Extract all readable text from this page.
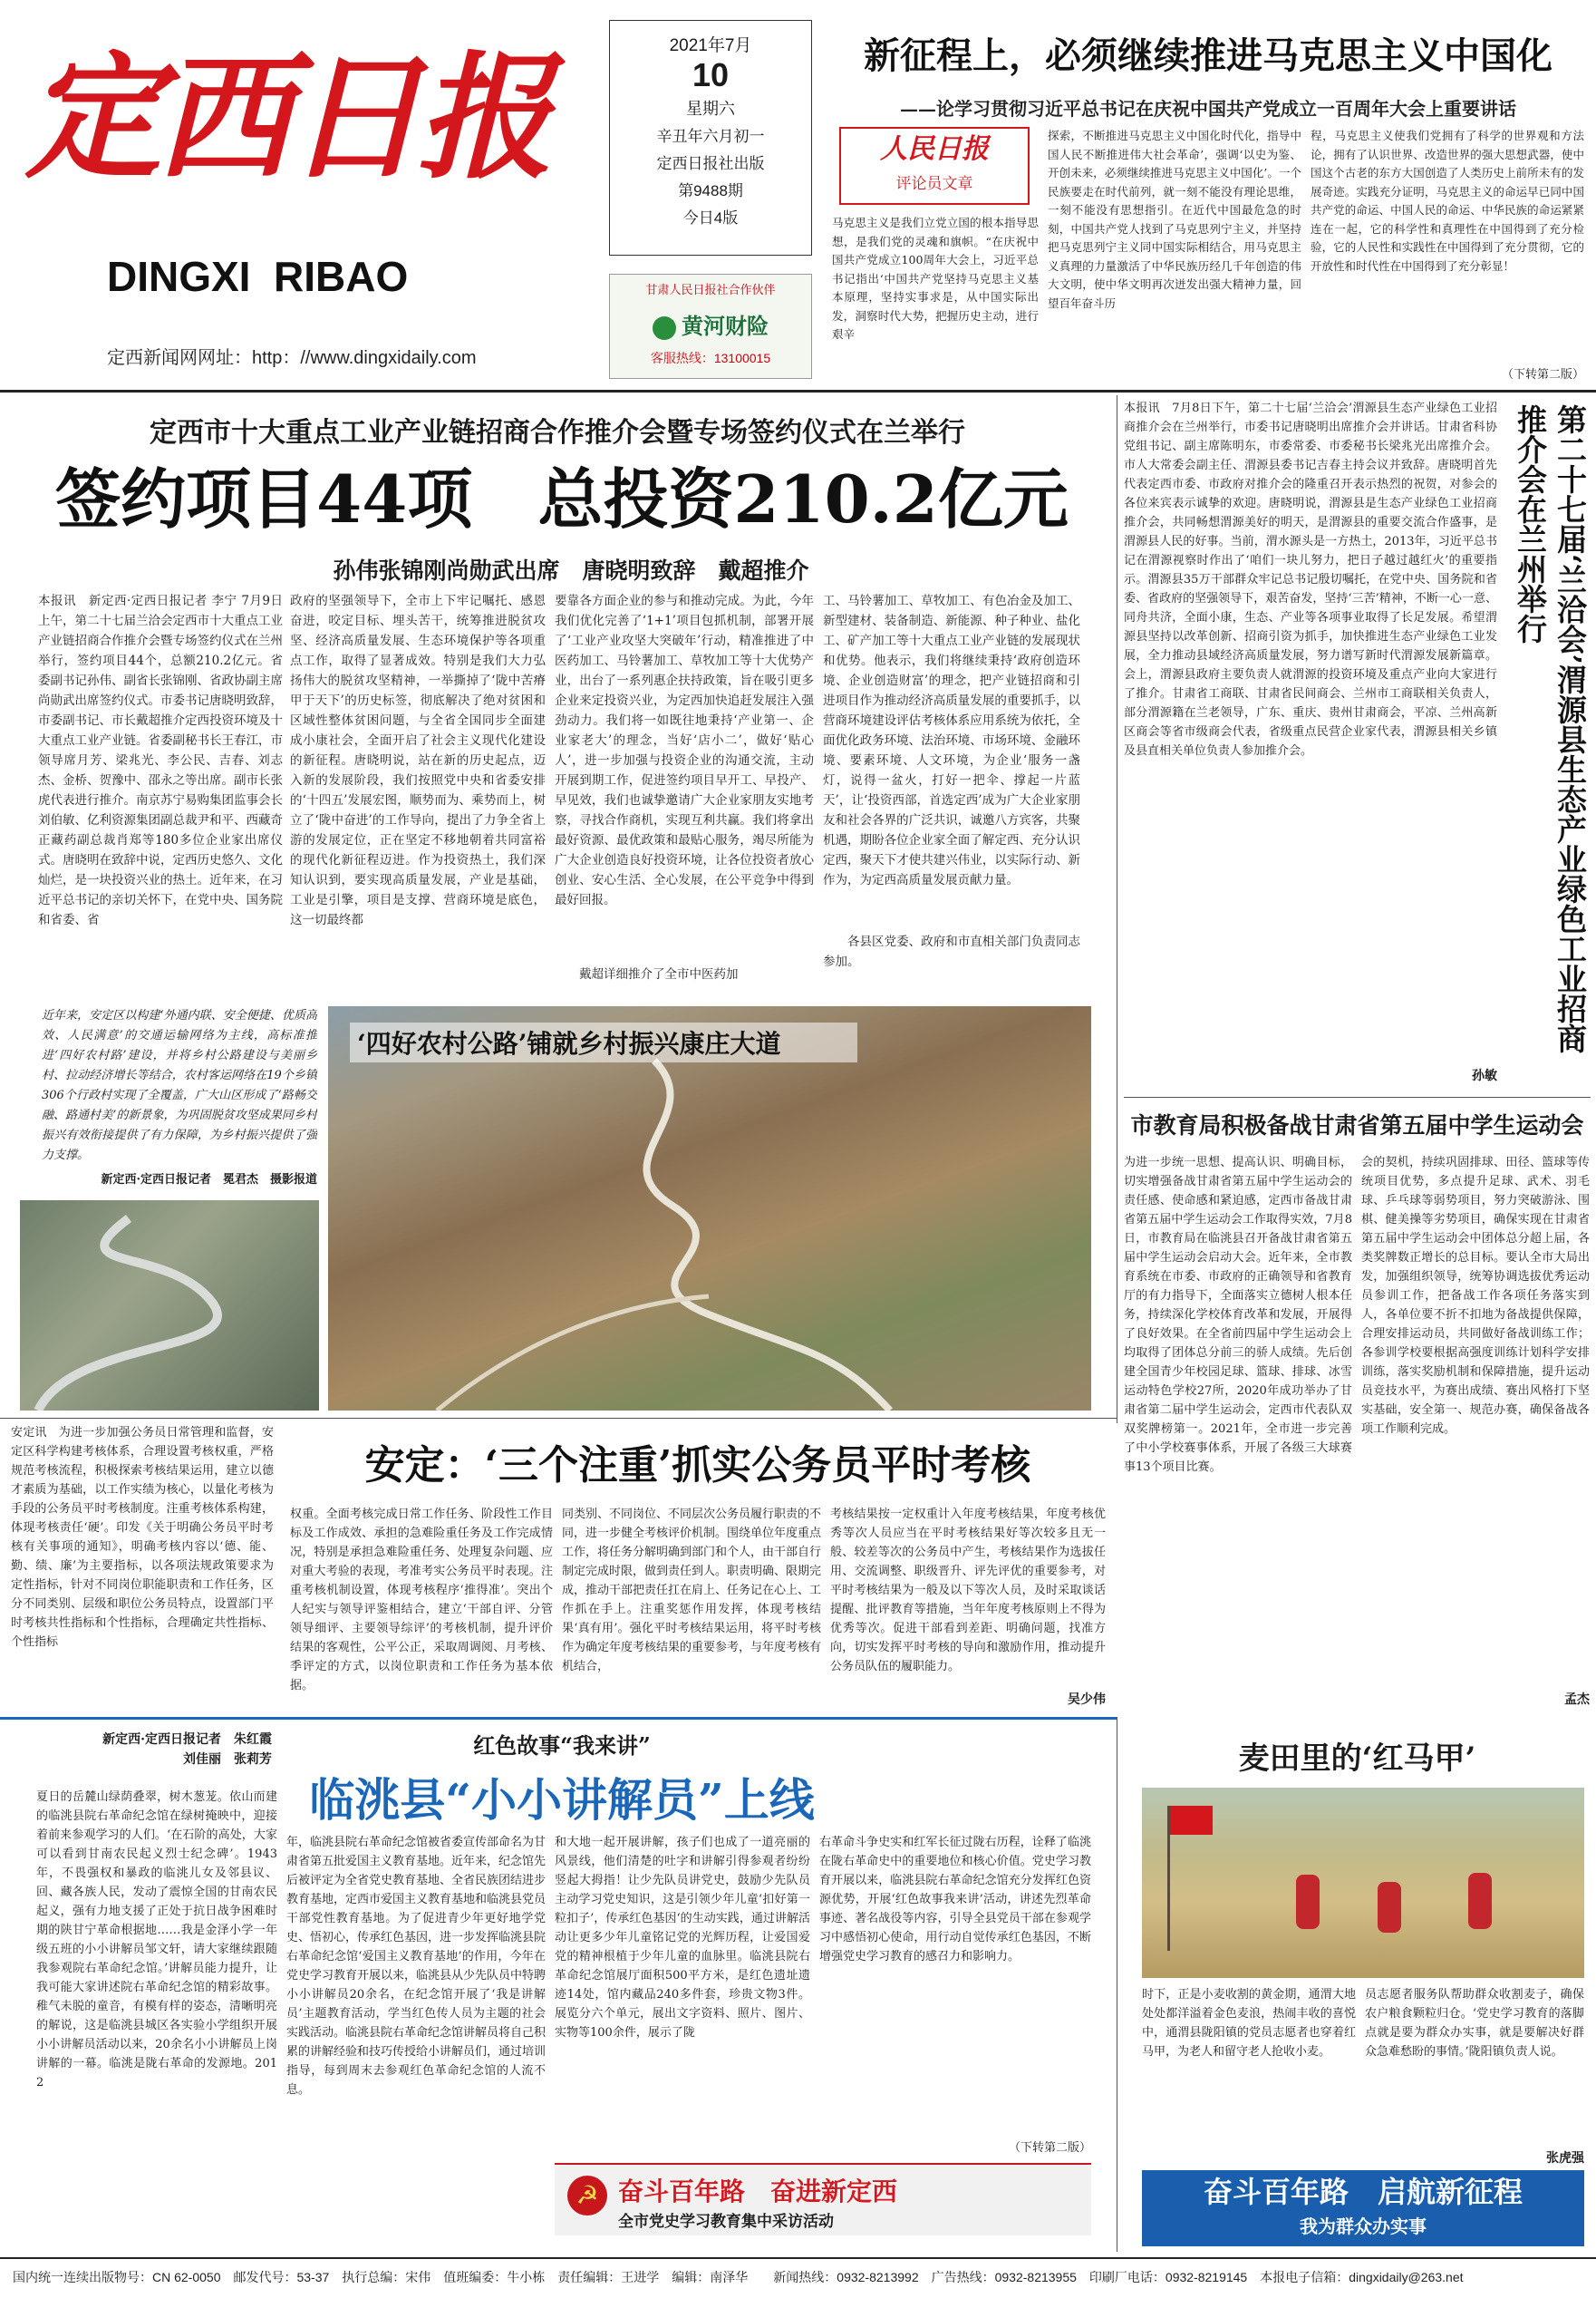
定西日报
DINGXI  RIBAO
定西新闻网网址：http：//www.dingxidaily.com
2021年7月
10
星期六
辛丑年六月初一
定西日报社出版
第9488期
今日4版
甘肃人民日报社合作伙伴
黄河财险
客服热线：13100015
新征程上，必须继续推进马克思主义中国化
——论学习贯彻习近平总书记在庆祝中国共产党成立一百周年大会上重要讲话
人民日报
评论员文章
马克思主义是我们立党立国的根本指导思想，是我们党的灵魂和旗帜。“在庆祝中国共产党成立100周年大会上，习近平总书记指出‘中国共产党坚持马克思主义基本原理，坚持实事求是，从中国实际出发，洞察时代大势，把握历史主动，进行艰辛
探索，不断推进马克思主义中国化时代化，指导中国人民不断推进伟大社会革命’，强调‘以史为鉴、开创未来，必须继续推进马克思主义中国化’。一个民族要走在时代前列，就一刻不能没有理论思维，一刻不能没有思想指引。在近代中国最危急的时刻，中国共产党人找到了马克思列宁主义，并坚持把马克思列宁主义同中国实际相结合，用马克思主义真理的力量激活了中华民族历经几千年创造的伟大文明，使中华文明再次迸发出强大精神力量，回望百年奋斗历
程，马克思主义使我们党拥有了科学的世界观和方法论，拥有了认识世界、改造世界的强大思想武器，使中国这个古老的东方大国创造了人类历史上前所未有的发展奇迹。实践充分证明，马克思主义的命运早已同中国共产党的命运、中国人民的命运、中华民族的命运紧紧连在一起，它的科学性和真理性在中国得到了充分检验，它的人民性和实践性在中国得到了充分贯彻，它的开放性和时代性在中国得到了充分彰显！
（下转第二版）
定西市十大重点工业产业链招商合作推介会暨专场签约仪式在兰举行
签约项目44项　总投资210.2亿元
孙伟张锦刚尚勋武出席　唐晓明致辞　戴超推介
本报讯　新定西·定西日报记者 李宁 7月9日上午，第二十七届兰洽会定西市十大重点工业产业链招商合作推介会暨专场签约仪式在兰州举行，签约项目44个，总额210.2亿元。省委副书记孙伟、副省长张锦刚、省政协副主席尚勋武出席签约仪式。市委书记唐晓明致辞，市委副书记、市长戴超推介定西投资环境及十大重点工业产业链。省委副秘书长王春江，市领导席月芳、梁兆光、李公民、吉春、刘志杰、金桥、贺豫中、邵永之等出席。副市长张虎代表进行推介。南京苏宁易购集团监事会长刘伯敏、亿利资源集团副总裁尹和平、西藏奇正藏药副总裁肖郑等180多位企业家出席仪式。唐晓明在致辞中说，定西历史悠久、文化灿烂，是一块投资兴业的热土。近年来，在习近平总书记的亲切关怀下，在党中央、国务院和省委、省
政府的坚强领导下，全市上下牢记嘱托、感恩奋进，咬定目标、埋头苦干，统筹推进脱贫攻坚、经济高质量发展、生态环境保护等各项重点工作，取得了显著成效。特别是我们大力弘扬伟大的脱贫攻坚精神，一举撕掉了‘陇中苦瘠甲于天下’的历史标签，彻底解决了绝对贫困和区域性整体贫困问题，与全省全国同步全面建成小康社会，全面开启了社会主义现代化建设的新征程。唐晓明说，站在新的历史起点，迈入新的发展阶段，我们按照党中央和省委安排的‘十四五’发展宏图，顺势而为、乘势而上，树立了‘陇中奋进’的工作导向，提出了力争全省上游的发展定位，正在坚定不移地朝着共同富裕的现代化新征程迈进。作为投资热土，我们深知认识到，要实现高质量发展，产业是基础，工业是引擎，项目是支撑、营商环境是底色，这一切最终都
要靠各方面企业的参与和推动完成。为此，今年我们优化完善了‘1+1’项目包抓机制，部署开展了‘工业产业攻坚大突破年’行动，精准推进了中医药加工、马铃薯加工、草牧加工等十大优势产业，出台了一系列惠企扶持政策，旨在吸引更多企业来定投资兴业，为定西加快追赶发展注入强劲动力。我们将一如既往地秉持‘产业第一、企业家老大’的理念，当好‘店小二’，做好‘贴心人’，进一步加强与投资企业的沟通交流，主动开展到期工作，促进签约项目早开工、早投产、早见效，我们也诚挚邀请广大企业家朋友实地考察，寻找合作商机，实现互利共赢。我们将拿出最好资源、最优政策和最贴心服务，竭尽所能为广大企业创造良好投资环境，让各位投资者放心创业、安心生活、全心发展，在公平竞争中得到最好回报。
戴超详细推介了全市中医药加
工、马铃薯加工、草牧加工、有色冶金及加工、新型建材、装备制造、新能源、种子种业、盐化工、矿产加工等十大重点工业产业链的发展现状和优势。他表示，我们将继续秉持‘政府创造环境、企业创造财富’的理念，把产业链招商和引进项目作为推动经济高质量发展的重要抓手，以营商环境建设评估考核体系应用系统为依托，全面优化政务环境、法治环境、市场环境、金融环境、要素环境、人文环境，为企业‘服务一盏灯，说得一盆火，打好一把伞、撑起一片蓝天’，让‘投资西部，首选定西’成为广大企业家朋友和社会各界的广泛共识，诚邀八方宾客，共聚机遇，期盼各位企业家全面了解定西、充分认识定西，聚天下才使共建兴伟业，以实际行动、新作为，为定西高质量发展贡献力量。
各县区党委、政府和市直相关部门负责同志参加。
本报讯　7月8日下午，第二十七届‘兰洽会’渭源县生态产业绿色工业招商推介会在兰州举行，市委书记唐晓明出席推介会并讲话。甘肃省科协党组书记、副主席陈明东，市委常委、市委秘书长梁兆光出席推介会。市人大常委会副主任、渭源县委书记吉春主持会议并致辞。唐晓明首先代表定西市委、市政府对推介会的隆重召开表示热烈的祝贺，对参会的各位来宾表示诚挚的欢迎。唐晓明说，渭源县是生态产业绿色工业招商推介会，共同畅想渭源美好的明天，是渭源县的重要交流合作盛事，是渭源县人民的好事。当前，渭水源头是一方热土，2013年，习近平总书记在渭源视察时作出了‘咱们一块儿努力，把日子越过越红火’的重要指示。渭源县35万干部群众牢记总书记殷切嘱托，在党中央、国务院和省委、省政府的坚强领导下，艰苦奋发，坚持‘三苦’精神，不断一心一意、同舟共济，全面小康，生态、产业等各项事业取得了长足发展。希望渭源县坚持以改革创新、招商引资为抓手，加快推进生态产业绿色工业发展，全力推动县域经济高质量发展，努力谱写新时代渭源发展新篇章。会上，渭源县政府主要负责人就渭源的投资环境及重点产业向大家进行了推介。甘肃省工商联、甘肃省民间商会、兰州市工商联相关负责人，部分渭源籍在兰老领导，广东、重庆、贵州甘肃商会，平凉、兰州高新区商会等省市级商会代表，省级重点民营企业家代表，渭源县相关乡镇及县直相关单位负责人参加推介会。	第二十七届‘兰洽会’渭源县生态产业绿色工业招商推介会在兰州举行
孙敏
‘四好农村公路’铺就乡村振兴康庄大道
近年来，安定区以构建‘外通内联、安全便捷、优质高效、人民满意’的交通运输网络为主线，高标准推进‘四好农村路’建设，并将乡村公路建设与美丽乡村、拉动经济增长等结合，农村客运网络在19个乡镇306个行政村实现了全覆盖，广大山区形成了‘路畅交融、路通村美’的新景象，为巩固脱贫攻坚成果同乡村振兴有效衔接提供了有力保障，为乡村振兴提供了强力支撑。
新定西·定西日报记者　冕君杰　摄影报道
市教育局积极备战甘肃省第五届中学生运动会
为进一步统一思想、提高认识、明确目标，切实增强备战甘肃省第五届中学生运动会的责任感、使命感和紧迫感，定西市备战甘肃省第五届中学生运动会工作取得实效，7月8日，市教育局在临洮县召开备战甘肃省第五届中学生运动会启动大会。近年来，全市教育系统在市委、市政府的正确领导和省教育厅的有力指导下，全面落实立德树人根本任务，持续深化学校体育改革和发展，开展得了良好效果。在全省前四届中学生运动会上均取得了团体总分前三的骄人成绩。先后创建全国青少年校园足球、篮球、排球、冰雪运动特色学校27所，2020年成功举办了甘肃省第二届中学生运动会，定西市代表队双双奖牌榜第一。2021年，全市进一步完善了中小学校赛事体系，开展了各级三大球赛事13个项目比赛。
会的契机，持续巩固排球、田径、篮球等传统项目优势，多点提升足球、武术、羽毛球、乒乓球等弱势项目，努力突破游泳、围棋、健美操等劣势项目，确保实现在甘肃省第五届中学生运动会中团体总分超上届，各类奖牌数正增长的总目标。要认全市大局出发，加强组织领导，统筹协调选拔优秀运动员参训工作，把备战工作各项任务落实到人，各单位要不折不扣地为备战提供保障，合理安排运动员，共同做好备战训练工作；各参训学校要根据高强度训练计划科学安排训练，落实奖励机制和保障措施，提升运动员竞技水平，为赛出成绩、赛出风格打下坚实基础，安全第一、规范办赛，确保备战各项工作顺利完成。
孟杰
安定讯　为进一步加强公务员日常管理和监督，安定区科学构建考核体系，合理设置考核权重，严格规范考核流程，积极探索考核结果运用，建立以德才素质为基础，以工作实绩为核心，以量化考核为手段的公务员平时考核制度。注重考核体系构建，体现考核责任‘硬’。印发《关于明确公务员平时考核有关事项的通知》，明确考核内容以‘德、能、勤、绩、廉’为主要指标，以各项法规政策要求为定性指标，针对不同岗位职能职责和工作任务，区分不同类别、层级和职位公务员特点，设置部门平时考核共性指标和个性指标，合理确定共性指标、个性指标
安定：‘三个注重’抓实公务员平时考核
权重。全面考核完成日常工作任务、阶段性工作目标及工作成效、承担的急难险重任务及工作完成情况，特别是承担急难险重任务、处理复杂问题、应对重大考验的表现，考准考实公务员平时表现。注重考核机制设置，体现考核程序‘推得准’。突出个人纪实与领导评鉴相结合，建立‘干部自评、分管领导细评、主要领导综评’的考核机制，提升评价结果的客观性，公平公正，采取周调阅、月考核、季评定的方式，以岗位职责和工作任务为基本依据。
同类别、不同岗位、不同层次公务员履行职责的不同，进一步健全考核评价机制。围绕单位年度重点工作，将任务分解明确到部门和个人，由干部自行制定完成时限，做到责任到人。职责明确、限期完成，推动干部把责任扛在肩上、任务记在心上、工作抓在手上。注重奖惩作用发挥，体现考核结果‘真有用’。强化平时考核结果运用，将平时考核作为确定年度考核结果的重要参考，与年度考核有机结合，
考核结果按一定权重计入年度考核结果，年度考核优秀等次人员应当在平时考核结果好等次较多且无一般、较差等次的公务员中产生，考核结果作为选拔任用、交流调整、职级晋升、评先评优的重要参考，对平时考核结果为一般及以下等次人员，及时采取谈话提醒、批评教育等措施，当年年度考核原则上不得为优秀等次。促进干部看到差距、明确问题，找准方向，切实发挥平时考核的导向和激励作用，推动提升公务员队伍的履职能力。
吴少伟
新定西·定西日报记者　朱红霞
刘佳丽　张莉芳
红色故事“我来讲”
临洮县“小小讲解员”上线
夏日的岳麓山绿荫叠翠，树木葱茏。依山而建的临洮县院右革命纪念馆在绿树掩映中，迎接着前来参观学习的人们。‘在石阶的高处，大家可以看到甘南农民起义烈士纪念碑’。1943年，不畏强权和暴政的临洮儿女及邻县议、回、藏各族人民，发动了震惊全国的甘南农民起义，强有力地支援了正处于抗日战争困难时期的陕甘宁革命根据地……我是金泽小学一年级五班的小小讲解员邹文轩，请大家继续跟随我参观院右革命纪念馆。’讲解员能力提升，让我可能大家讲述院右革命纪念馆的精彩故事。稚气未脱的童音，有模有样的姿态，清晰明亮的解说，这是临洮县城区各实验小学组织开展小小讲解员活动以来，20余名小小讲解员上岗讲解的一幕。临洮是陇右革命的发源地。2012
年，临洮县院右革命纪念馆被省委宣传部命名为甘肃省第五批爱国主义教育基地。近年来，纪念馆先后被评定为全省党史教育基地、全省民族团结进步教育基地，定西市爱国主义教育基地和临洮县党员干部党性教育基地。为了促进青少年更好地学党史、悟初心，传承红色基因，进一步发挥临洮县院右革命纪念馆‘爱国主义教育基地’的作用，今年在党史学习教育开展以来，临洮县从少先队员中特聘小小讲解员20余名，在纪念馆开展了‘我是讲解员’主题教育活动，学当红色传人员为主题的社会实践活动。临洮县院右革命纪念馆讲解员将自己积累的讲解经验和技巧传授给小讲解员们，通过培训指导，每到周末去参观红色革命纪念馆的人流不息。
和大地一起开展讲解，孩子们也成了一道亮丽的风景线，他们清楚的吐字和讲解引得参观者纷纷竖起大拇指！让少先队员讲党史，鼓励少先队员主动学习党史知识，这是引领少年儿童‘扣好第一粒扣子’，传承红色基因‘的生动实践，通过讲解活动让更多少年儿童铭记党的光辉历程，让爱国爱党的精神根植于少年儿童的血脉里。临洮县院右革命纪念馆展厅面积500平方米，是红色遗址遗迹14处，馆内藏品240多件套，珍贵文物3件。展览分六个单元，展出文字资料、照片、图片、实物等100余件，展示了陇
右革命斗争史实和红军长征过陇右历程，诠释了临洮在陇右革命史中的重要地位和核心价值。党史学习教育开展以来，临洮县院右革命纪念馆充分发挥红色资源优势，开展‘红色故事我来讲’活动，讲述先烈革命事迹、著名战役等内容，引导全县党员干部在参观学习中感悟初心使命，用行动自觉传承红色基因，不断增强党史学习教育的感召力和影响力。
（下转第二版）
☭ 奋斗百年路　奋进新定西
全市党史学习教育集中采访活动
麦田里的‘红马甲’
时下，正是小麦收割的黄金期，通渭大地处处都洋溢着金色麦浪，热闹丰收的喜悦中，通渭县陇阳镇的党员志愿者也穿着红马甲，为老人和留守老人抢收小麦。
员志愿者服务队帮助群众收割麦子，确保农户粮食颗粒归仓。‘党史学习教育的落脚点就是要为群众办实事，就是要解决好群众急难愁盼的事情。’陇阳镇负责人说。
张虎强
奋斗百年路　启航新征程
我为群众办实事
国内统一连续出版物号：CN 62-0050　邮发代号：53-37　执行总编：宋伟　值班编委：牛小栋　责任编辑：王进学　编辑：南泽华　　新闻热线：0932-8213992　广告热线：0932-8213955　印刷厂电话：0932-8219145　本报电子信箱：dingxidaily@263.net
